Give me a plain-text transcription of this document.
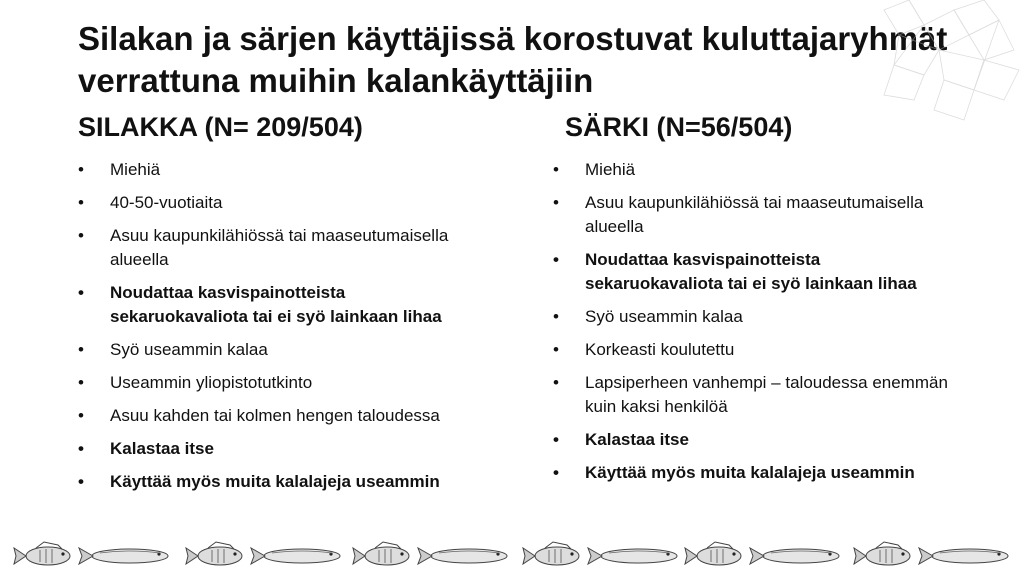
Silakan ja särjen käyttäjissä korostuvat kuluttajaryhmät verrattuna muihin kalankäyttäjiin
SILAKKA (N= 209/504)	SÄRKI (N=56/504)
• Miehiä
• 40-50-vuotiaita
• Asuu kaupunkilähiössä tai maaseutumaisella alueella
• Noudattaa kasvispainotteista sekaruokavaliota tai ei syö lainkaan lihaa
• Syö useammin kalaa
• Useammin yliopistotutkinto
• Asuu kahden tai kolmen hengen taloudessa
• Kalastaa itse
• Käyttää myös muita kalalajeja useammin
• Miehiä
• Asuu kaupunkilähiössä tai maaseutumaisella alueella
• Noudattaa kasvispainotteista sekaruokavaliota tai ei syö lainkaan lihaa
• Syö useammin kalaa
• Korkeasti koulutettu
• Lapsiperheen vanhempi – taloudessa enemmän kuin kaksi henkilöä
• Kalastaa itse
• Käyttää myös muita kalalajeja useammin
